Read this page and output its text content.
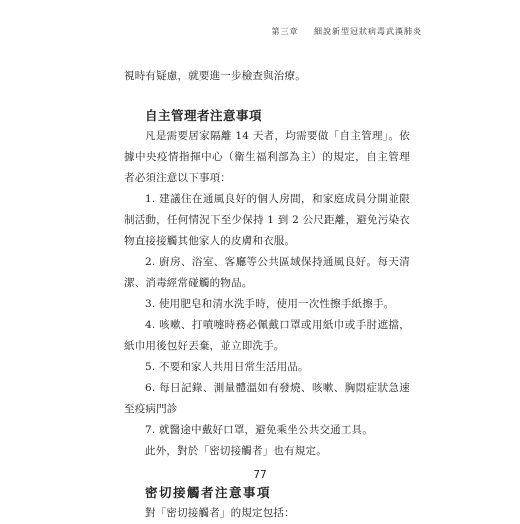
第三章 細說新型冠狀病毒武漢肺炎

視時有疑慮，就要進一步檢查與治療。

自主管理者注意事項

凡是需要居家隔離 14 天者，均需要做「自主管理」。依據中央疫情指揮中心（衛生福利部為主）的規定，自主管理者必須注意以下事項：

1. 建議住在通風良好的個人房間，和家庭成員分開並限制活動，任何情況下至少保持 1 到 2 公尺距離，避免污染衣物直接接觸其他家人的皮膚和衣服。

2. 廚房、浴室、客廳等公共區域保持通風良好。每天清潔、消毒經常碰觸的物品。

3. 使用肥皂和清水洗手時，使用一次性擦手紙擦手。

4. 咳嗽、打噴嚏時務必佩戴口罩或用紙巾或手肘遮擋，紙巾用後包好丟棄，並立即洗手。

5. 不要和家人共用日常生活用品。

6. 每日記錄、測量體溫如有發燒、咳嗽、胸悶症狀急速至疫病門診

7. 就醫途中戴好口罩，避免乘坐公共交通工具。

此外，對於「密切接觸者」也有規定。

密切接觸者注意事項

對「密切接觸者」的規定包括：

77
